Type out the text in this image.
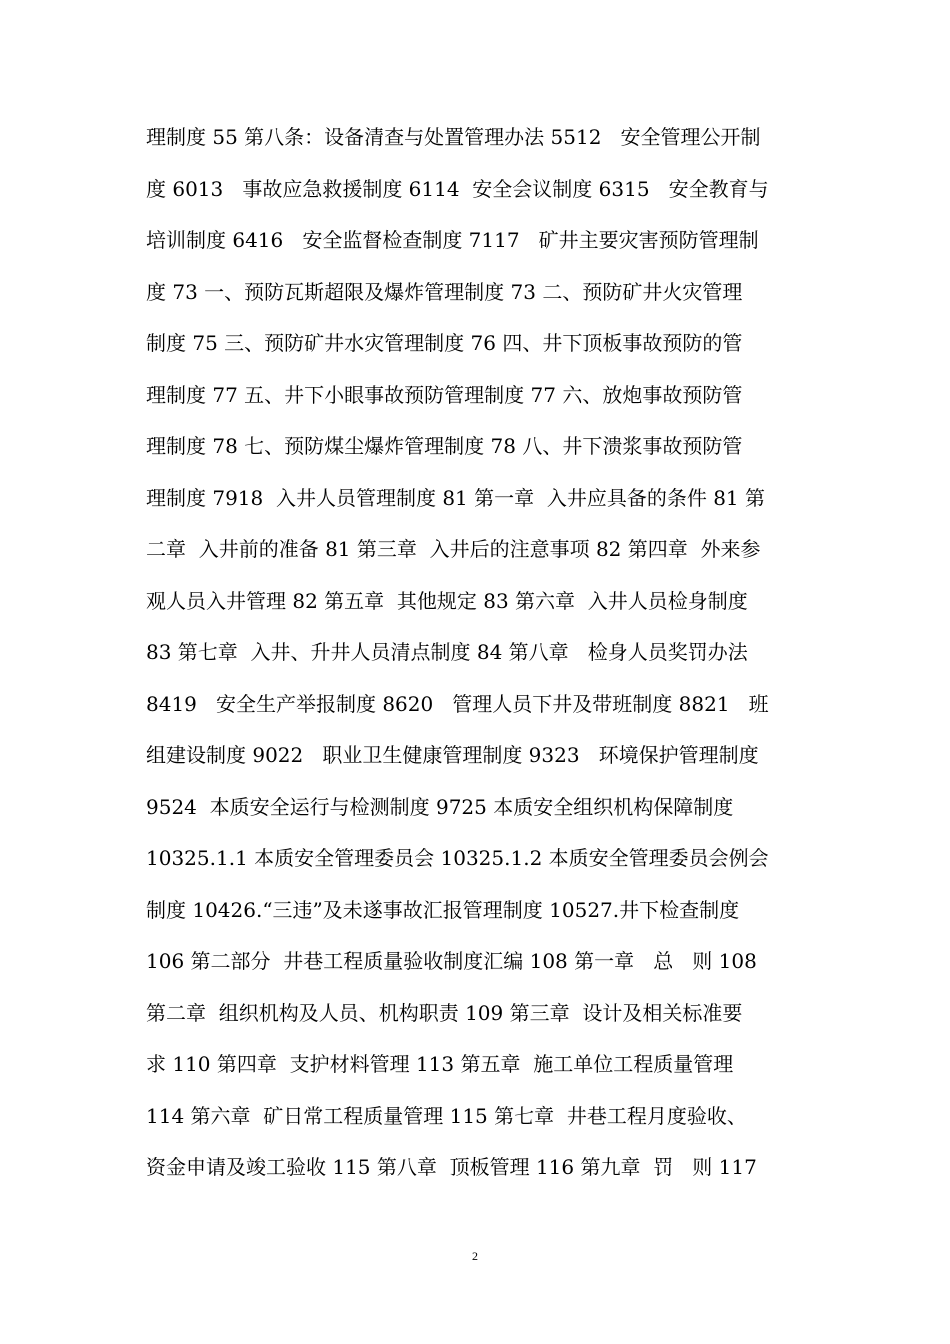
理制度 55 第八条：设备清查与处置管理办法 5512   安全管理公开制
度 6013   事故应急救援制度 6114  安全会议制度 6315   安全教育与
培训制度 6416   安全监督检查制度 7117   矿井主要灾害预防管理制
度 73 一、预防瓦斯超限及爆炸管理制度 73 二、预防矿井火灾管理
制度 75 三、预防矿井水灾管理制度 76 四、井下顶板事故预防的管
理制度 77 五、井下小眼事故预防管理制度 77 六、放炮事故预防管
理制度 78 七、预防煤尘爆炸管理制度 78 八、井下溃浆事故预防管
理制度 7918  入井人员管理制度 81 第一章  入井应具备的条件 81 第
二章  入井前的准备 81 第三章  入井后的注意事项 82 第四章  外来参
观人员入井管理 82 第五章  其他规定 83 第六章  入井人员检身制度
83 第七章  入井、升井人员清点制度 84 第八章   检身人员奖罚办法
8419   安全生产举报制度 8620   管理人员下井及带班制度 8821   班
组建设制度 9022   职业卫生健康管理制度 9323   环境保护管理制度
9524  本质安全运行与检测制度 9725 本质安全组织机构保障制度
10325.1.1 本质安全管理委员会 10325.1.2 本质安全管理委员会例会
制度 10426.“三违”及未遂事故汇报管理制度 10527.井下检查制度
106 第二部分  井巷工程质量验收制度汇编 108 第一章   总   则 108
第二章  组织机构及人员、机构职责 109 第三章  设计及相关标准要
求 110 第四章  支护材料管理 113 第五章  施工单位工程质量管理
114 第六章  矿日常工程质量管理 115 第七章  井巷工程月度验收、
资金申请及竣工验收 115 第八章  顶板管理 116 第九章  罚   则 117
2
